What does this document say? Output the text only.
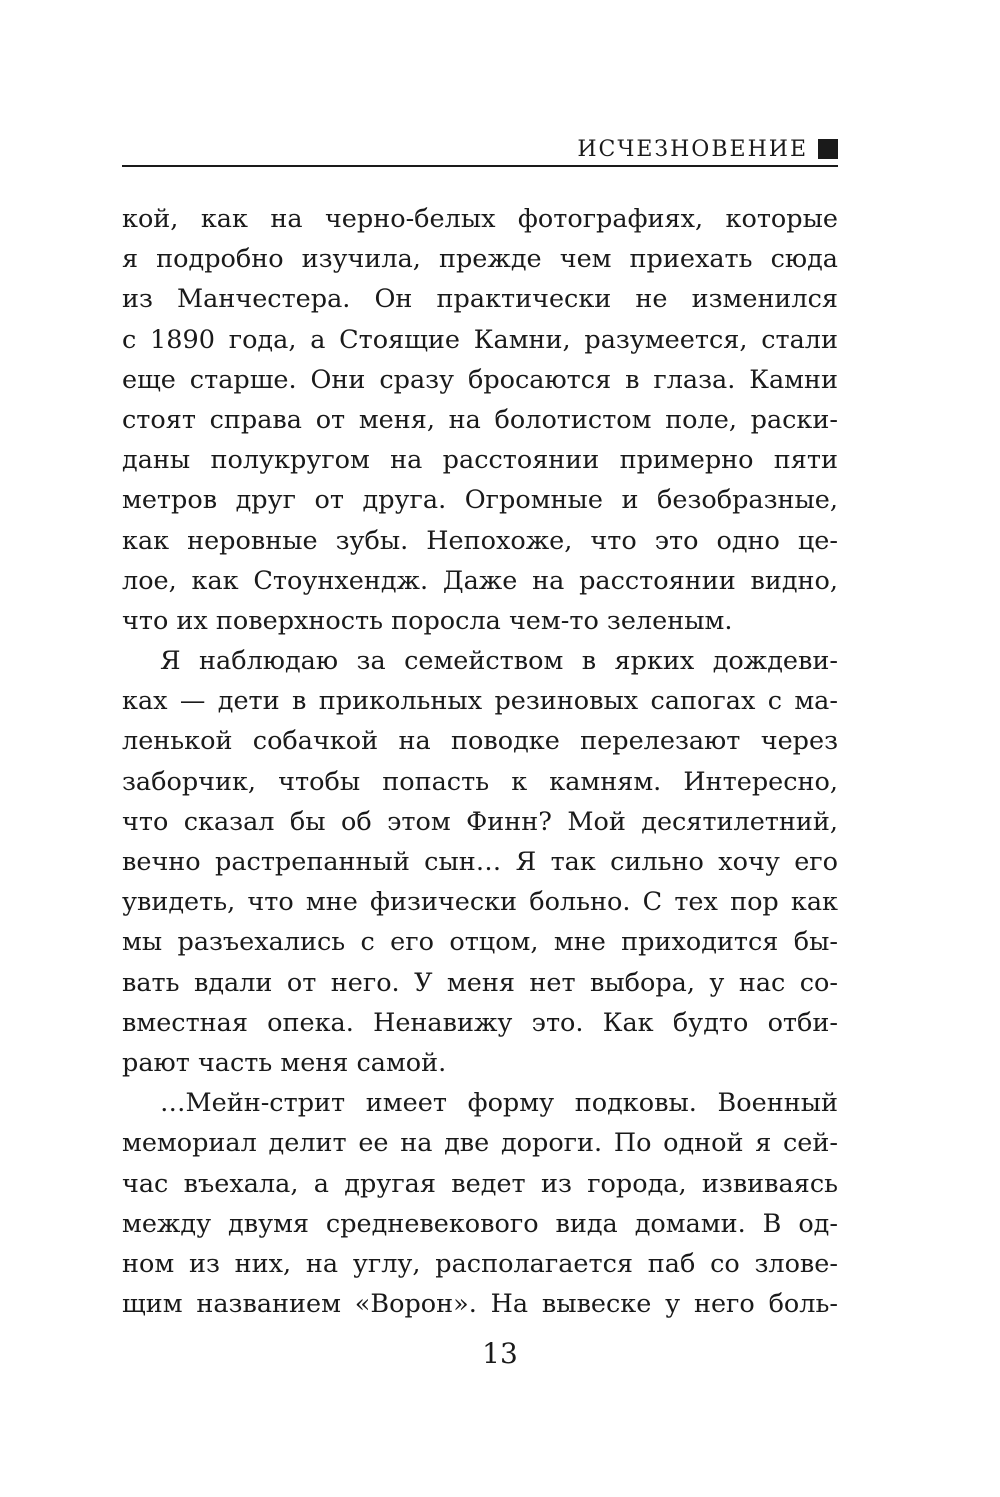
ИСЧЕЗНОВЕНИЕ
кой, как на черно-белых фотографиях, которые
я подробно изучила, прежде чем приехать сюда
из Манчестера. Он практически не изменился
с 1890 года, а Стоящие Камни, разумеется, стали
еще старше. Они сразу бросаются в глаза. Камни
стоят справа от меня, на болотистом поле, раски-
даны полукругом на расстоянии примерно пяти
метров друг от друга. Огромные и безобразные,
как неровные зубы. Непохоже, что это одно це-
лое, как Стоунхендж. Даже на расстоянии видно,
что их поверхность поросла чем-то зеленым.
Я наблюдаю за семейством в ярких дождеви-
ках — дети в прикольных резиновых сапогах с ма-
ленькой собачкой на поводке перелезают через
заборчик, чтобы попасть к камням. Интересно,
что сказал бы об этом Финн? Мой десятилетний,
вечно растрепанный сын… Я так сильно хочу его
увидеть, что мне физически больно. С тех пор как
мы разъехались с его отцом, мне приходится бы-
вать вдали от него. У меня нет выбора, у нас со-
вместная опека. Ненавижу это. Как будто отби-
рают часть меня самой.
…Мейн-стрит имеет форму подковы. Военный
мемориал делит ее на две дороги. По одной я сей-
час въехала, а другая ведет из города, извиваясь
между двумя средневекового вида домами. В од-
ном из них, на углу, располагается паб со злове-
щим названием «Ворон». На вывеске у него боль-
13
